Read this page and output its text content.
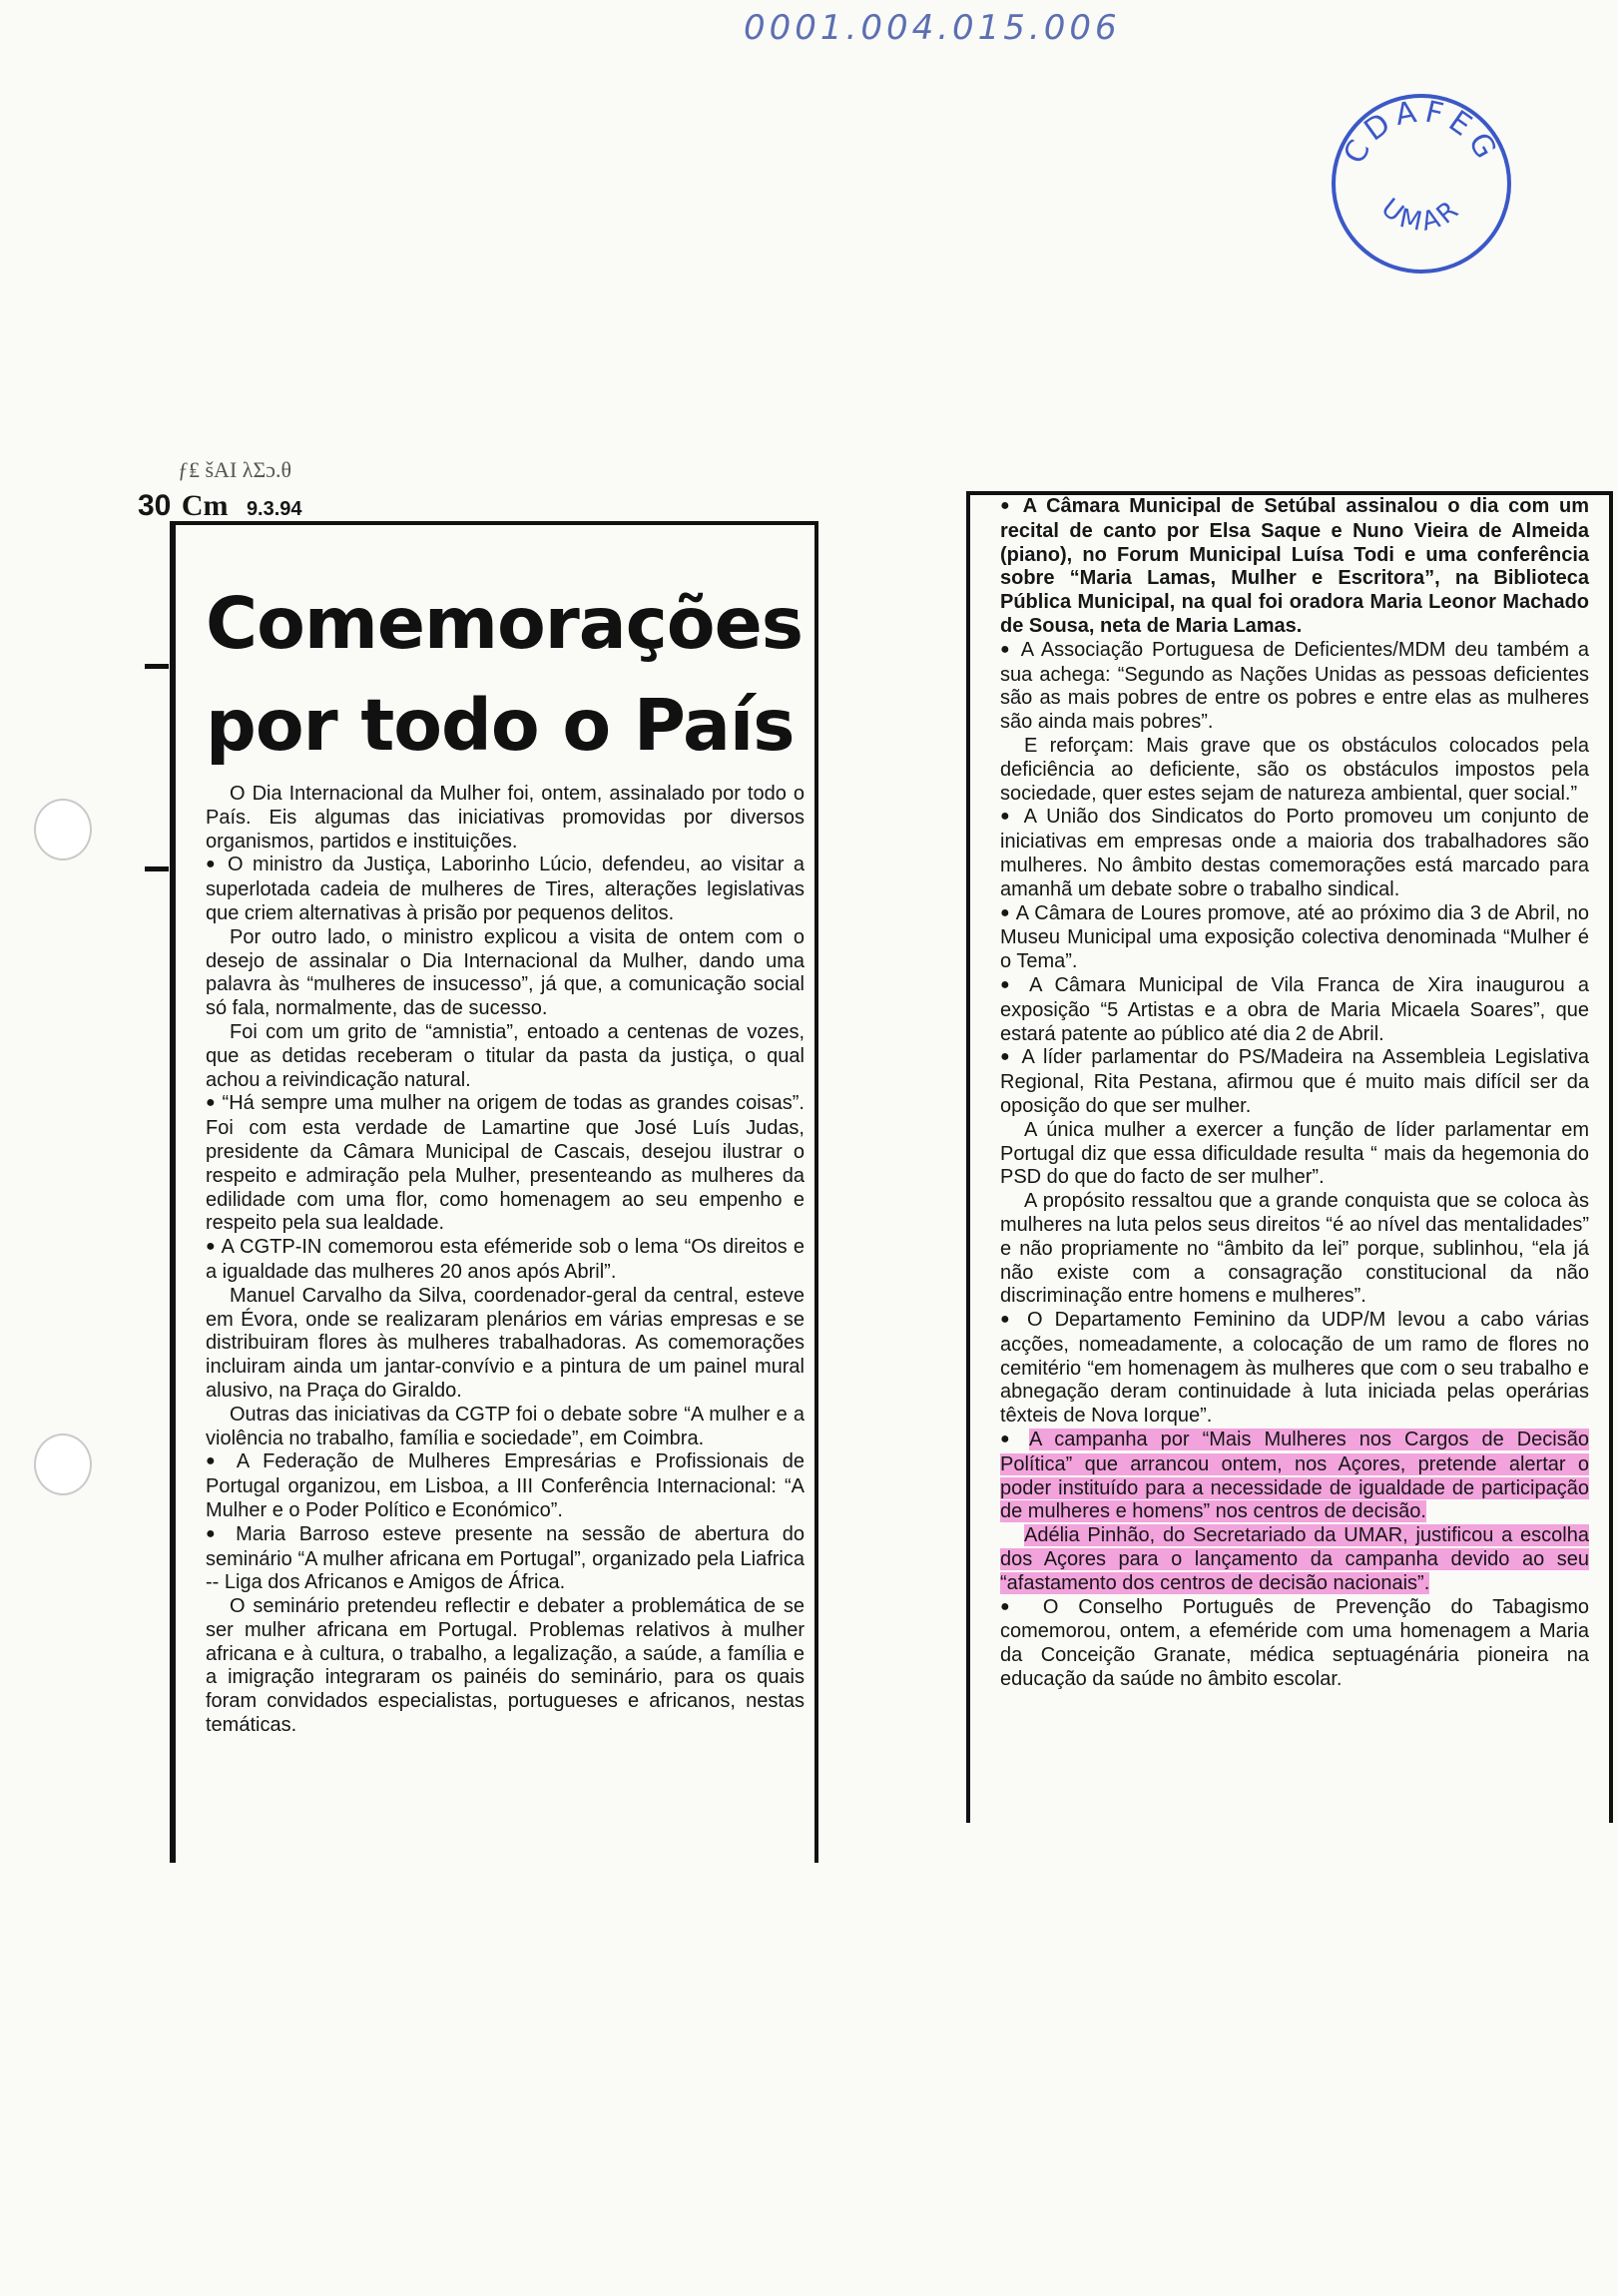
0001.004.015.006
CDAFEG
UMAR
ƒ₤ šΑΙ λΣɔ.θ
30 Cm 9.3.94
Comemorações
por todo o País

O Dia Internacional da Mulher foi, ontem, assinalado por todo o País. Eis algumas das iniciativas promovidas por diversos organismos, partidos e instituições.

● O ministro da Justiça, Laborinho Lúcio, defendeu, ao visitar a superlotada cadeia de mulheres de Tires, alterações legislativas que criem alternativas à prisão por pequenos delitos.

Por outro lado, o ministro explicou a visita de ontem com o desejo de assinalar o Dia Internacional da Mulher, dando uma palavra às “mulheres de insucesso”, já que, a comunicação social só fala, normalmente, das de sucesso.

Foi com um grito de “amnistia”, entoado a centenas de vozes, que as detidas receberam o titular da pasta da justiça, o qual achou a reivindicação natural.

● “Há sempre uma mulher na origem de todas as grandes coisas”. Foi com esta verdade de Lamartine que José Luís Judas, presidente da Câmara Municipal de Cascais, desejou ilustrar o respeito e admiração pela Mulher, presenteando as mulheres da edilidade com uma flor, como homenagem ao seu empenho e respeito pela sua lealdade.

● A CGTP-IN comemorou esta efémeride sob o lema “Os direitos e a igualdade das mulheres 20 anos após Abril”.

Manuel Carvalho da Silva, coordenador-geral da central, esteve em Évora, onde se realizaram plenários em várias empresas e se distribuiram flores às mulheres trabalhadoras. As comemorações incluiram ainda um jantar-convívio e a pintura de um painel mural alusivo, na Praça do Giraldo.

Outras das iniciativas da CGTP foi o debate sobre “A mulher e a violência no trabalho, família e sociedade”, em Coimbra.

● A Federação de Mulheres Empresárias e Profissionais de Portugal organizou, em Lisboa, a III Conferência Internacional: “A Mulher e o Poder Político e Económico”.

● Maria Barroso esteve presente na sessão de abertura do seminário “A mulher africana em Portugal”, organizado pela Liafrica -- Liga dos Africanos e Amigos de África.

O seminário pretendeu reflectir e debater a problemática de se ser mulher africana em Portugal. Problemas relativos à mulher africana e à cultura, o trabalho, a legalização, a saúde, a família e a imigração integraram os painéis do seminário, para os quais foram convidados especialistas, portugueses e africanos, nestas temáticas.

● A Câmara Municipal de Setúbal assinalou o dia com um recital de canto por Elsa Saque e Nuno Vieira de Almeida (piano), no Forum Municipal Luísa Todi e uma conferência sobre “Maria Lamas, Mulher e Escritora”, na Biblioteca Pública Municipal, na qual foi oradora Maria Leonor Machado de Sousa, neta de Maria Lamas.

● A Associação Portuguesa de Deficientes/MDM deu também a sua achega: “Segundo as Nações Unidas as pessoas deficientes são as mais pobres de entre os pobres e entre elas as mulheres são ainda mais pobres”.

E reforçam: Mais grave que os obstáculos colocados pela deficiência ao deficiente, são os obstáculos impostos pela sociedade, quer estes sejam de natureza ambiental, quer social.”

● A União dos Sindicatos do Porto promoveu um conjunto de iniciativas em empresas onde a maioria dos trabalhadores são mulheres. No âmbito destas comemorações está marcado para amanhã um debate sobre o trabalho sindical.

● A Câmara de Loures promove, até ao próximo dia 3 de Abril, no Museu Municipal uma exposição colectiva denominada “Mulher é o Tema”.

● A Câmara Municipal de Vila Franca de Xira inaugurou a exposição “5 Artistas e a obra de Maria Micaela Soares”, que estará patente ao público até dia 2 de Abril.

● A líder parlamentar do PS/Madeira na Assembleia Legislativa Regional, Rita Pestana, afirmou que é muito mais difícil ser da oposição do que ser mulher.

A única mulher a exercer a função de líder parlamentar em Portugal diz que essa dificuldade resulta “ mais da hegemonia do PSD do que do facto de ser mulher”.

A propósito ressaltou que a grande conquista que se coloca às mulheres na luta pelos seus direitos “é ao nível das mentalidades” e não propriamente no “âmbito da lei” porque, sublinhou, “ela já não existe com a consagração constitucional da não discriminação entre homens e mulheres”.

● O Departamento Feminino da UDP/M levou a cabo várias acções, nomeadamente, a colocação de um ramo de flores no cemitério “em homenagem às mulheres que com o seu trabalho e abnegação deram continuidade à luta iniciada pelas operárias têxteis de Nova Iorque”.

● A campanha por “Mais Mulheres nos Cargos de Decisão Política” que arrancou ontem, nos Açores, pretende alertar o poder instituído para a necessidade de igualdade de participação de mulheres e homens” nos centros de decisão.

Adélia Pinhão, do Secretariado da UMAR, justificou a escolha dos Açores para o lançamento da campanha devido ao seu “afastamento dos centros de decisão nacionais”.

● O Conselho Português de Prevenção do Tabagismo comemorou, ontem, a efeméride com uma homenagem a Maria da Conceição Granate, médica septuagénária pioneira na educação da saúde no âmbito escolar.
